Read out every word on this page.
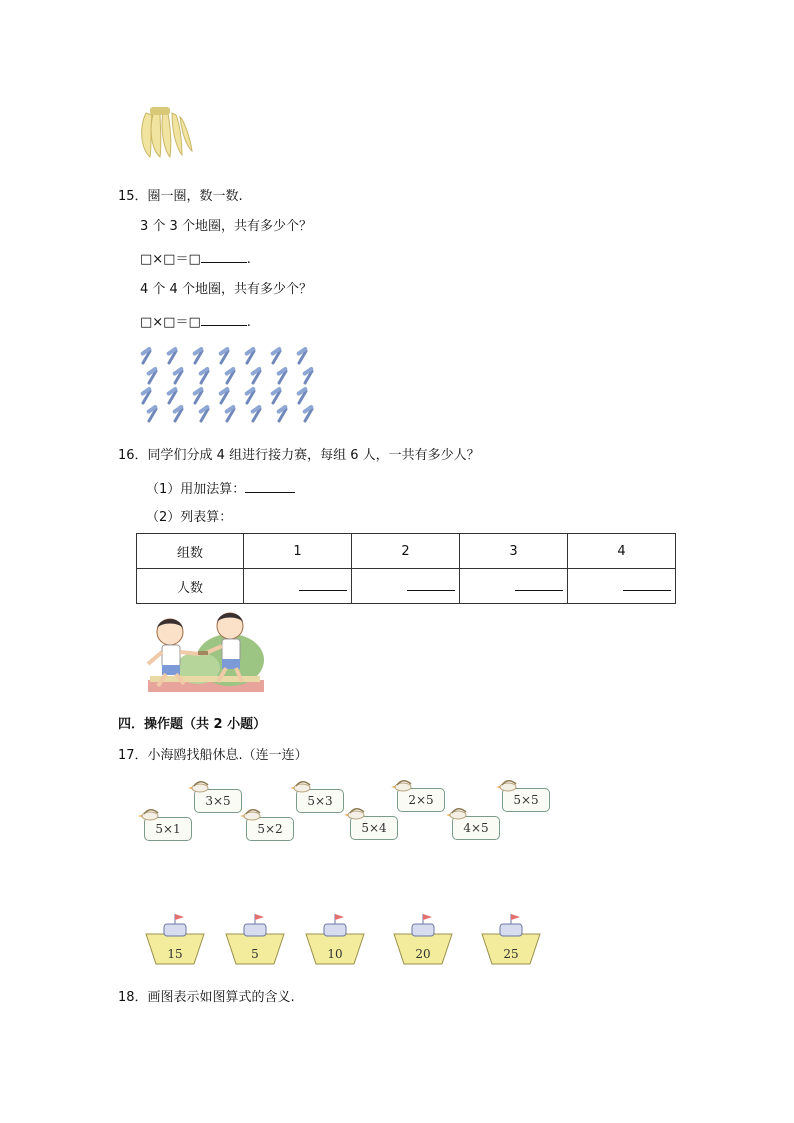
15．圈一圈，数一数.
3 个 3 个地圈，共有多少个？
□×□＝□	.
4 个 4 个地圈，共有多少个？
□×□＝□	.
16．同学们分成 4 组进行接力赛，每组 6 人，一共有多少人？
（1）用加法算：
（2）列表算：
组数	1	2	3	4
人数				
四．操作题（共 2 小题）
17．小海鸥找船休息.（连一连）
3×5	5×3	2×5	5×5
5×1	5×2	5×4	4×5
15	5	10	20	25
18．画图表示如图算式的含义.
